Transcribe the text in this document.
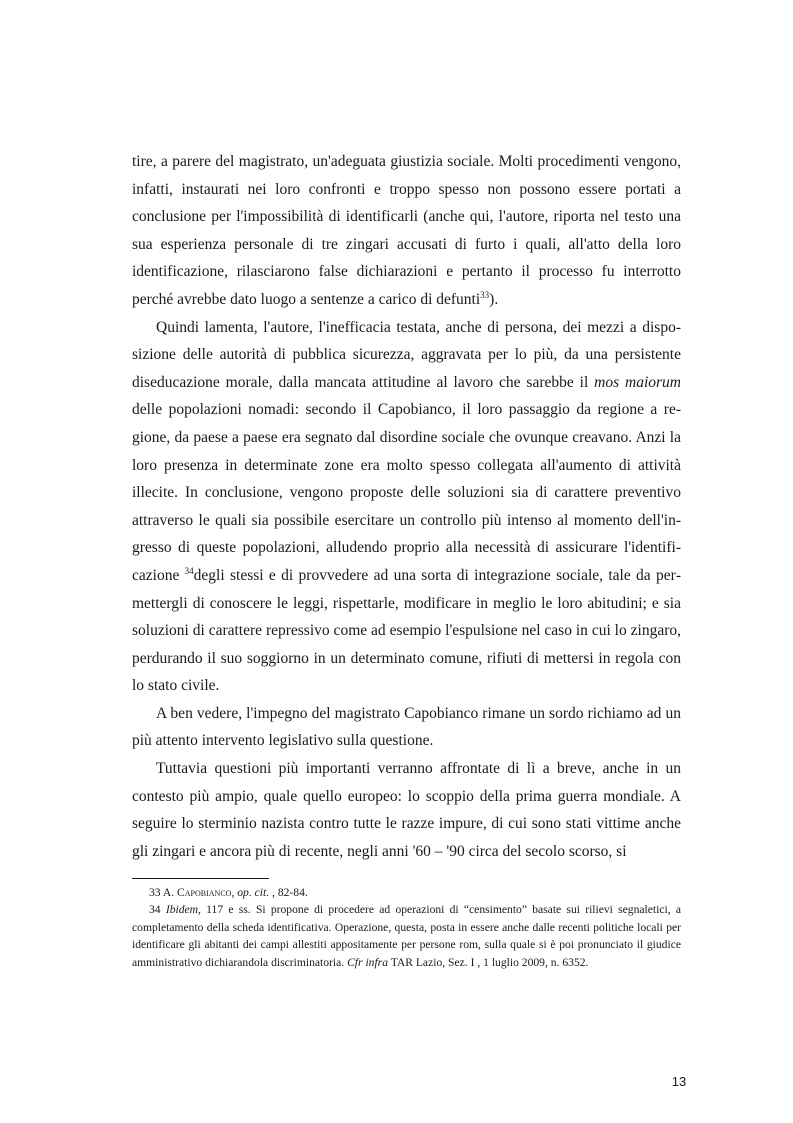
tire, a parere del magistrato, un'adeguata giustizia sociale. Molti procedimenti vengono, infatti, instaurati nei loro confronti e troppo spesso non possono essere portati a conclusione per l'impossibilità di identificarli (anche qui, l'autore, riporta nel testo una sua esperienza personale di tre zingari accusati di furto i quali, all'atto della loro identificazione, rilasciarono false dichiarazioni e pertanto il processo fu interrotto perché avrebbe dato luogo a sentenze a carico di defunti$^{33}$).

Quindi lamenta, l'autore, l'inefficacia testata, anche di persona, dei mezzi a disposizione delle autorità di pubblica sicurezza, aggravata per lo più, da una persistente diseducazione morale, dalla mancata attitudine al lavoro che sarebbe il mos maiorum delle popolazioni nomadi: secondo il Capobianco, il loro passaggio da regione a regione, da paese a paese era segnato dal disordine sociale che ovunque creavano. Anzi la loro presenza in determinate zone era molto spesso collegata all'aumento di attività illecite. In conclusione, vengono proposte delle soluzioni sia di carattere preventivo attraverso le quali sia possibile esercitare un controllo più intenso al momento dell'ingresso di queste popolazioni, alludendo proprio alla necessità di assicurare l'identificazione $^{34}$degli stessi e di provvedere ad una sorta di integrazione sociale, tale da permettergli di conoscere le leggi, rispettarle, modificare in meglio le loro abitudini; e sia soluzioni di carattere repressivo come ad esempio l'espulsione nel caso in cui lo zingaro, perdurando il suo soggiorno in un determinato comune, rifiuti di mettersi in regola con lo stato civile.

A ben vedere, l'impegno del magistrato Capobianco rimane un sordo richiamo ad un più attento intervento legislativo sulla questione.

Tuttavia questioni più importanti verranno affrontate di lì a breve, anche in un contesto più ampio, quale quello europeo: lo scoppio della prima guerra mondiale. A seguire lo sterminio nazista contro tutte le razze impure, di cui sono stati vittime anche gli zingari e ancora più di recente, negli anni '60 – '90 circa del secolo scorso, si

33 A. Capobianco, op. cit. , 82-84.

34 Ibidem, 117 e ss. Si propone di procedere ad operazioni di “censimento” basate sui rilievi segnaletici, a completamento della scheda identificativa. Operazione, questa, posta in essere anche dalle recenti politiche locali per identificare gli abitanti dei campi allestiti appositamente per persone rom, sulla quale si è poi pronunciato il giudice amministrativo dichiarandola discriminatoria. Cfr infra TAR Lazio, Sez. I , 1 luglio 2009, n. 6352.

13
